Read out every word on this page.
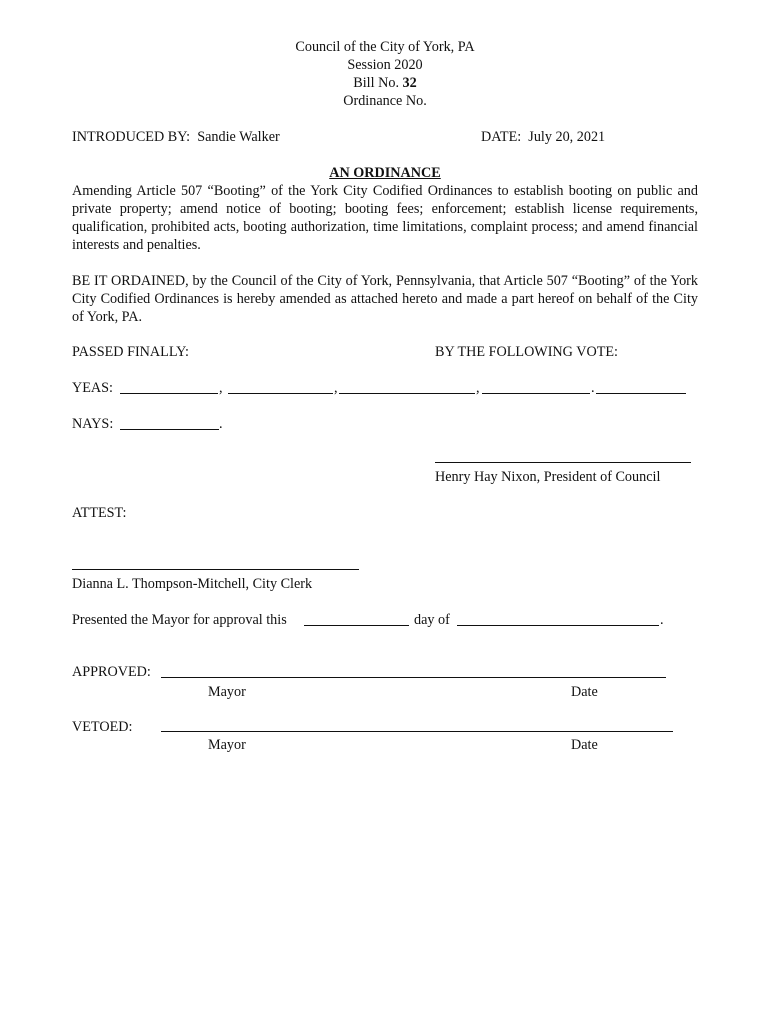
Council of the City of York, PA
Session 2020
Bill No. 32
Ordinance No.
INTRODUCED BY: Sandie Walker	DATE: July 20, 2021
AN ORDINANCE
Amending Article 507 “Booting” of the York City Codified Ordinances to establish booting on public and private property; amend notice of booting; booting fees; enforcement; establish license requirements, qualification, prohibited acts, booting authorization, time limitations, complaint process; and amend financial interests and penalties.
BE IT ORDAINED, by the Council of the City of York, Pennsylvania, that Article 507 “Booting” of the York City Codified Ordinances is hereby amended as attached hereto and made a part hereof on behalf of the City of York, PA.
PASSED FINALLY:	BY THE FOLLOWING VOTE:
YEAS:	,	,	,	.
NAYS:	.
Henry Hay Nixon, President of Council
ATTEST:
Dianna L. Thompson-Mitchell, City Clerk
Presented the Mayor for approval this	day of	.
APPROVED:
Mayor	Date
VETOED:
Mayor	Date
